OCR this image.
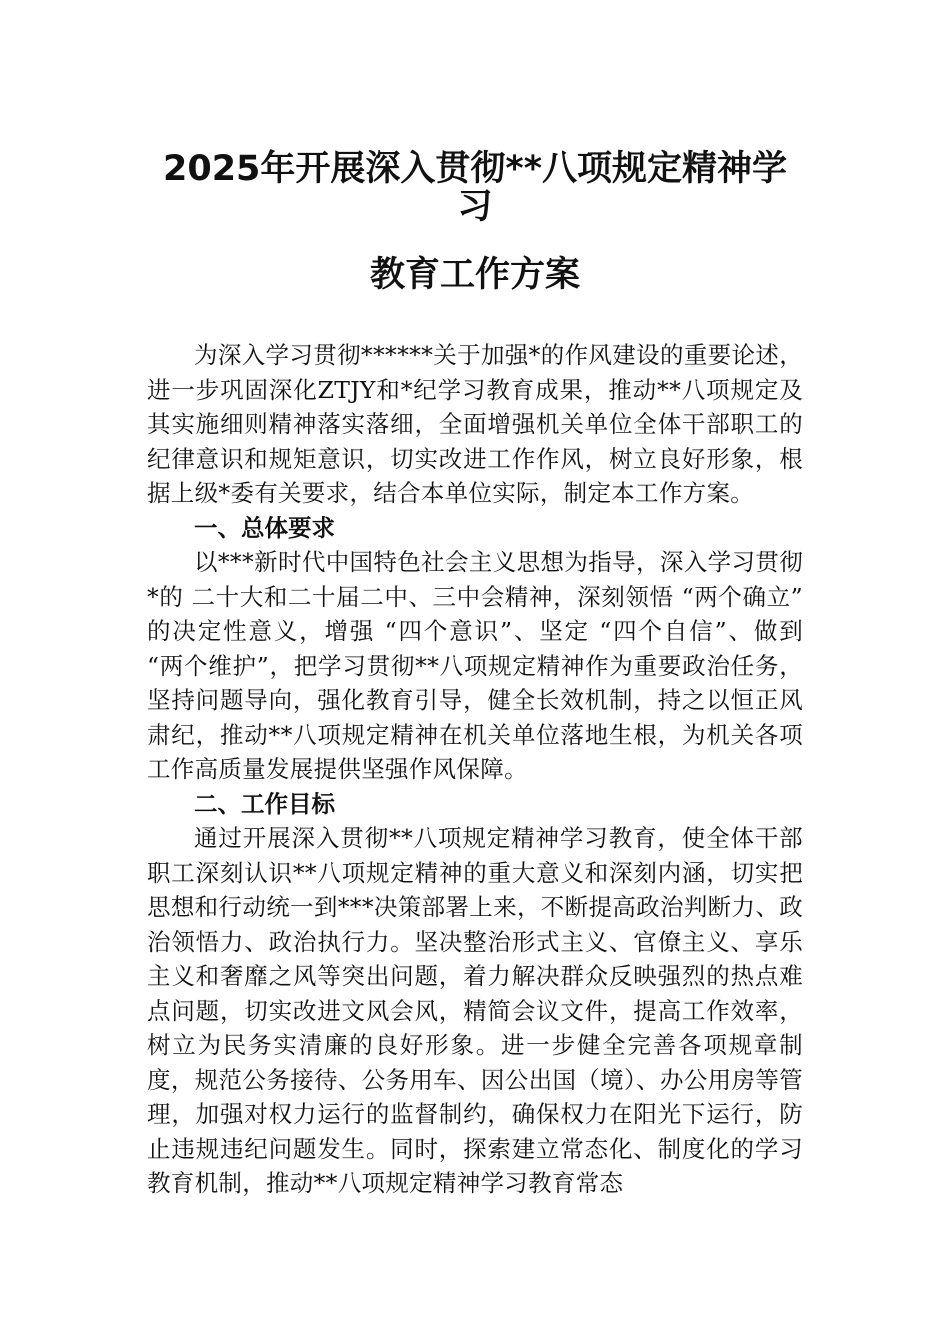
2025年开展深入贯彻**八项规定精神学习
教育工作方案

为深入学习贯彻******关于加强*的作风建设的重要论述，进一步巩固深化ZTJY和*纪学习教育成果，推动**八项规定及其实施细则精神落实落细，全面增强机关单位全体干部职工的纪律意识和规矩意识，切实改进工作作风，树立良好形象，根据上级*委有关要求，结合本单位实际，制定本工作方案。

一、总体要求

以***新时代中国特色社会主义思想为指导，深入学习贯彻*的 二十大和二十届二中、三中会精神，深刻领悟 “两个确立” 的决定性意义，增强 “四个意识”、坚定 “四个自信”、做到 “两个维护”，把学习贯彻**八项规定精神作为重要政治任务，坚持问题导向，强化教育引导，健全长效机制，持之以恒正风肃纪，推动**八项规定精神在机关单位落地生根，为机关各项工作高质量发展提供坚强作风保障。

二、工作目标

通过开展深入贯彻**八项规定精神学习教育，使全体干部职工深刻认识**八项规定精神的重大意义和深刻内涵，切实把思想和行动统一到***决策部署上来，不断提高政治判断力、政治领悟力、政治执行力。坚决整治形式主义、官僚主义、享乐主义和奢靡之风等突出问题，着力解决群众反映强烈的热点难点问题，切实改进文风会风，精简会议文件，提高工作效率，树立为民务实清廉的良好形象。进一步健全完善各项规章制度，规范公务接待、公务用车、因公出国（境）、办公用房等管理，加强对权力运行的监督制约，确保权力在阳光下运行，防止违规违纪问题发生。同时，探索建立常态化、制度化的学习教育机制，推动**八项规定精神学习教育常态
